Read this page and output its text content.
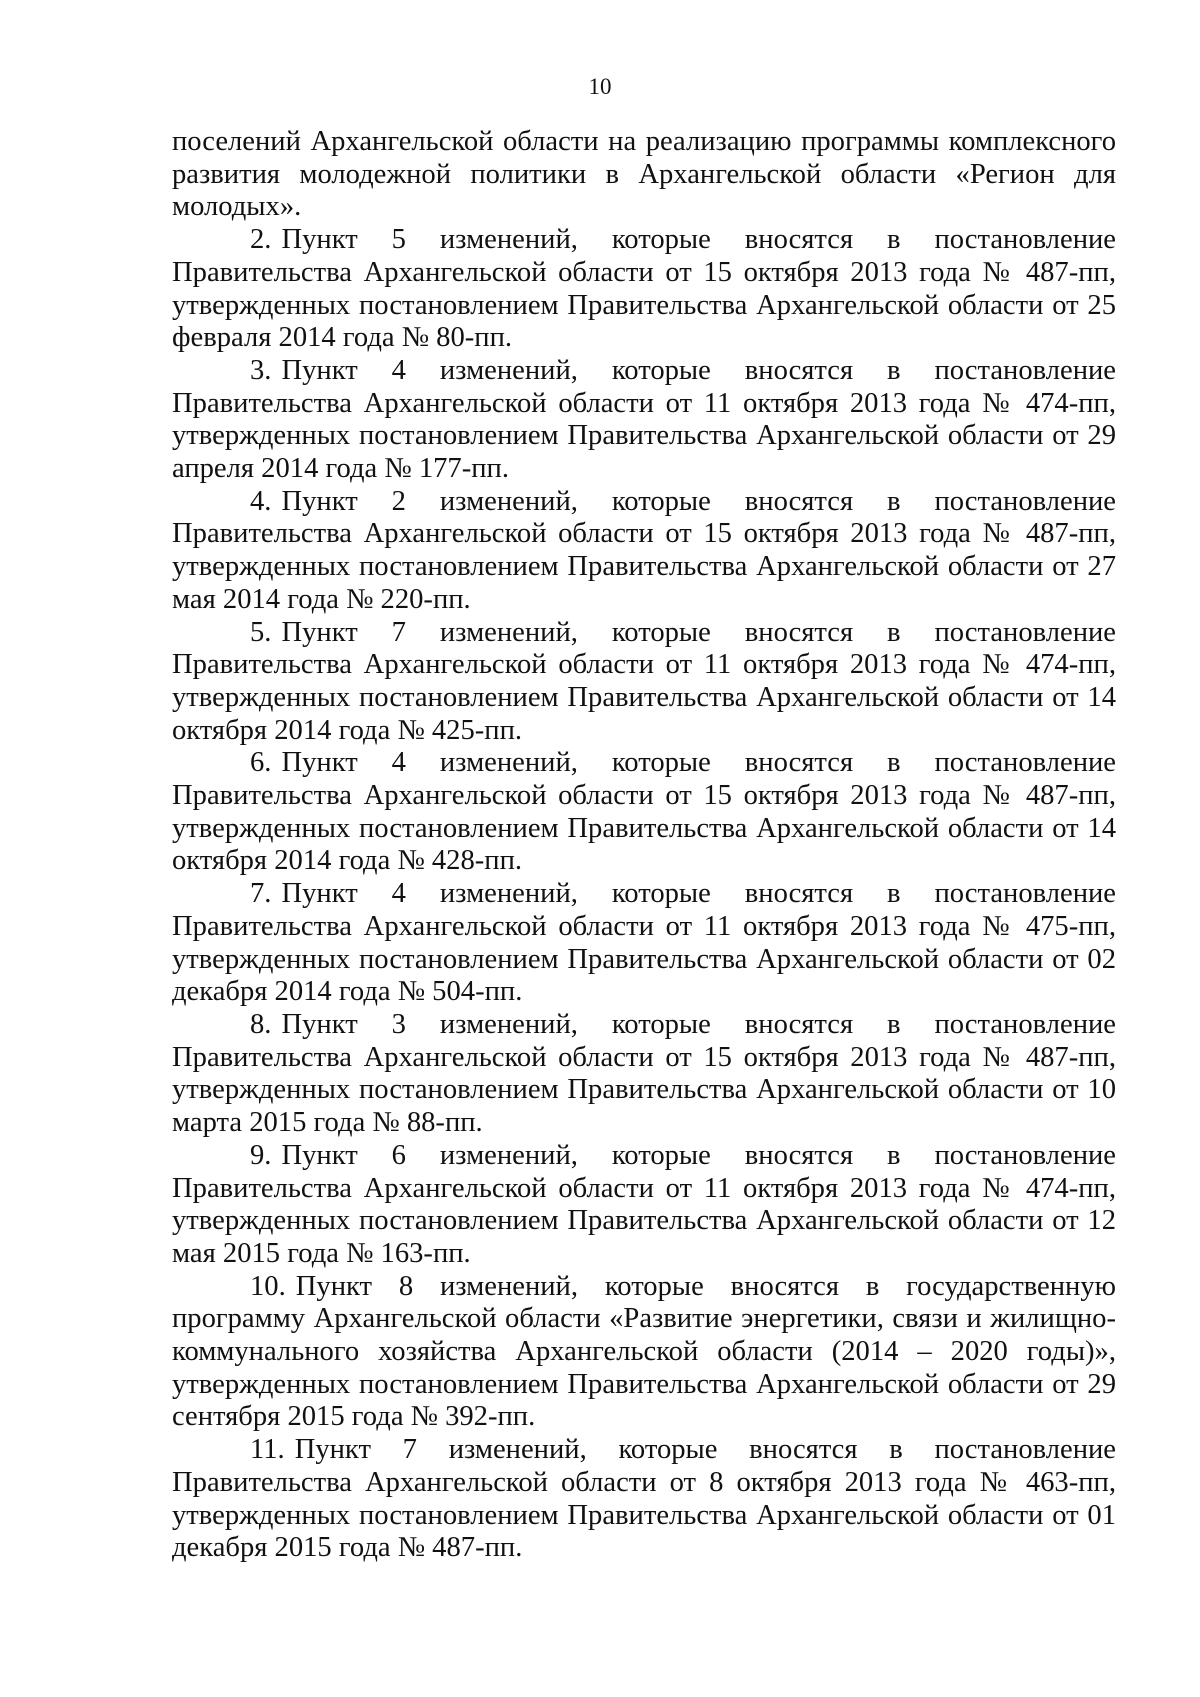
10

поселений Архангельской области на реализацию программы комплексного развития молодежной политики в Архангельской области «Регион для молодых».

2. Пункт 5 изменений, которые вносятся в постановление Правительства Архангельской области от 15 октября 2013 года № 487-пп, утвержденных постановлением Правительства Архангельской области от 25 февраля 2014 года № 80-пп.

3. Пункт 4 изменений, которые вносятся в постановление Правительства Архангельской области от 11 октября 2013 года № 474-пп, утвержденных постановлением Правительства Архангельской области от 29 апреля 2014 года № 177-пп.

4. Пункт 2 изменений, которые вносятся в постановление Правительства Архангельской области от 15 октября 2013 года № 487-пп, утвержденных постановлением Правительства Архангельской области от 27 мая 2014 года № 220-пп.

5. Пункт 7 изменений, которые вносятся в постановление Правительства Архангельской области от 11 октября 2013 года № 474-пп, утвержденных постановлением Правительства Архангельской области от 14 октября 2014 года № 425-пп.

6. Пункт 4 изменений, которые вносятся в постановление Правительства Архангельской области от 15 октября 2013 года № 487-пп, утвержденных постановлением Правительства Архангельской области от 14 октября 2014 года № 428-пп.

7. Пункт 4 изменений, которые вносятся в постановление Правительства Архангельской области от 11 октября 2013 года № 475-пп, утвержденных постановлением Правительства Архангельской области от 02 декабря 2014 года № 504-пп.

8. Пункт 3 изменений, которые вносятся в постановление Правительства Архангельской области от 15 октября 2013 года № 487-пп, утвержденных постановлением Правительства Архангельской области от 10 марта 2015 года № 88-пп.

9. Пункт 6 изменений, которые вносятся в постановление Правительства Архангельской области от 11 октября 2013 года № 474-пп, утвержденных постановлением Правительства Архангельской области от 12 мая 2015 года № 163-пп.

10. Пункт 8 изменений, которые вносятся в государственную программу Архангельской области «Развитие энергетики, связи и жилищно-коммунального хозяйства Архангельской области (2014 – 2020 годы)», утвержденных постановлением Правительства Архангельской области от 29 сентября 2015 года № 392-пп.

11. Пункт 7 изменений, которые вносятся в постановление Правительства Архангельской области от 8 октября 2013 года № 463-пп, утвержденных постановлением Правительства Архангельской области от 01 декабря 2015 года № 487-пп.
